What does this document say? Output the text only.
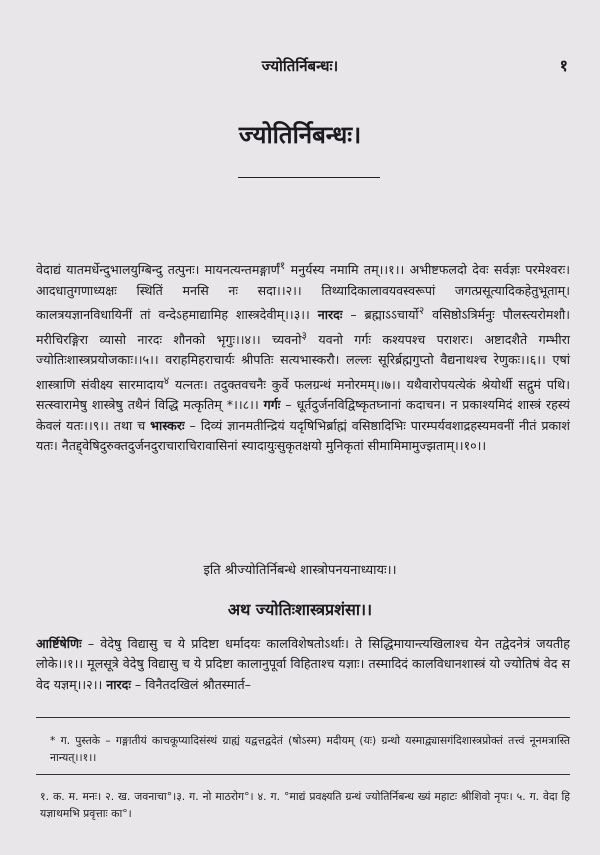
ज्योतिर्निबन्धः।	१
ज्योतिर्निबन्धः।

वेदाद्यं यातमर्धेन्दुभालयुग्बिन्दु तत्पुनः। मायनत्यन्तमङ्गार्णं$^१$ मनुर्यस्य नमामि तम्।।१।। अभीष्टफलदो देवः सर्वज्ञः परमेश्वरः। आदधातुगणाध्यक्षः स्थितिं मनसि नः सदा।।२।। तिथ्यादिकालावयवस्वरूपां जगत्प्रसूत्यादिकहेतुभूताम्। कालत्रयज्ञानविधायिनीं तां वन्देऽहमाद्यामिह शास्त्रदेवीम्।।३।। नारदः – ब्रह्माऽऽचार्यो$^२$ वसिष्ठोऽत्रिर्मनुः पौलस्त्यरोमशौ। मरीचिरङ्गिरा व्यासो नारदः शौनको भृगुः।।४।। च्यवनो$^३$ यवनो गर्गः कश्यपश्च पराशरः। अष्टादशैते गम्भीरा ज्योतिःशास्त्रप्रयोजकाः।।५।। वराहमिहराचार्यः श्रीपतिः सत्यभास्करौ। लल्लः सूरिर्ब्रह्मगुप्तो वैद्यनाथश्च रेणुकः।।६।। एषां शास्त्राणि संवीक्ष्य सारमादाय$^४$ यत्नतः। तदुक्तवचनैः कुर्वे फलग्रन्थं मनोरमम्।।७।। यथैवारोपयत्येकं श्रेयोर्थी सद्गुमं पथि। सत्स्वारामेषु शास्त्रेषु तथैनं विद्धि मत्कृतिम् *।।८।। गर्गः – धूर्तदुर्जनविद्विष्कृतघ्नानां कदाचन। न प्रकाश्यमिदं शास्त्रं रहस्यं केवलं यतः।।९।। तथा च भास्करः – दिव्यं ज्ञानमतीन्द्रियं यदृषिभिर्ब्राह्मं वसिष्ठादिभिः पारम्पर्यवशाद्रहस्यमवनीं नीतं प्रकाशं यतः। नैतद्द्वेषिदुरुक्तदुर्जनदुराचाराचिरावासिनां स्यादायुःसुकृतक्षयो मुनिकृतां सीमामिमामुज्झताम्।।१०।।

इति श्रीज्योतिर्निबन्धे शास्त्रोपनयनाध्यायः।।
अथ ज्योतिःशास्त्रप्रशंसा।।

आर्ष्टिषेणिः – वेदेषु विद्यासु च ये प्रदिष्टा धर्मादयः कालविशेषतोऽर्थाः। ते सिद्धिमायान्त्यखिलाश्च येन तद्वेदनेत्रं जयतीह लोके।।१।। मूलसूत्रे वेदेषु विद्यासु च ये प्रदिष्टा कालानुपूर्वा विहिताश्च यज्ञाः। तस्मादिदं कालविधानशास्त्रं यो ज्योतिषं वेद स वेद यज्ञम्।।२।। नारदः – विनैतदखिलं श्रौतस्मार्त–

* ग. पुस्तके – गङ्गातीयं काचकूप्यादिसंस्थं ग्राह्यं यद्वत्तद्वदेतं (षोऽस्म) मदीयम् (यः) ग्रन्थो यस्माद्व्यासगंदिशास्त्रप्रोक्तं तत्त्वं नूनमत्रास्ति नान्यत्।।१।।
१. क. म. मनः। २. ख. जवनाचा°।३. ग. नो माठरोग°। ४. ग. °माद्यं प्रवक्ष्यति ग्रन्थं ज्योतिर्निबन्ध ख्यं महाटः श्रीशिवो नृपः। ५. ग. वेदा हि यज्ञाथमभि प्रवृत्ताः का°।
